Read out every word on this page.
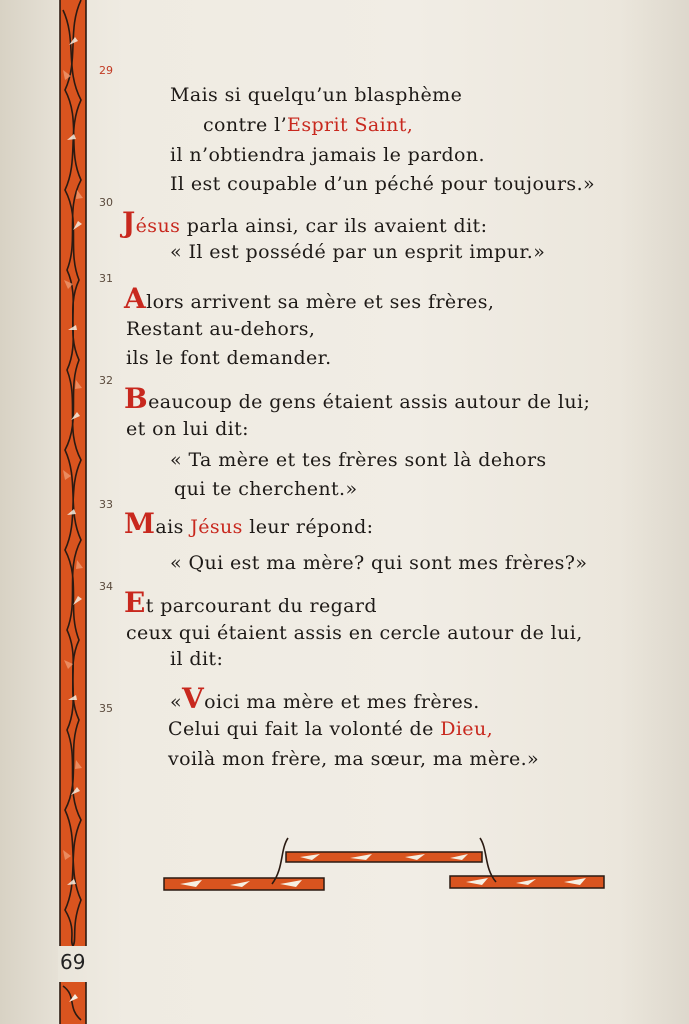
29
30
31
32
33
34
35
Mais si quelqu’un blasphème
contre l’Esprit Saint,
il n’obtiendra jamais le pardon.
Il est coupable d’un péché pour toujours.»
Jésus parla ainsi, car ils avaient dit:
« Il est possédé par un esprit impur.»
Alors arrivent sa mère et ses frères,
Restant au-dehors,
ils le font demander.
Beaucoup de gens étaient assis autour de lui;
et on lui dit:
« Ta mère et tes frères sont là dehors
qui te cherchent.»
Mais Jésus leur répond:
« Qui est ma mère? qui sont mes frères?»
Et parcourant du regard
ceux qui étaient assis en cercle autour de lui,
il dit:
«Voici ma mère et mes frères.
Celui qui fait la volonté de Dieu,
voilà mon frère, ma sœur, ma mère.»
69
